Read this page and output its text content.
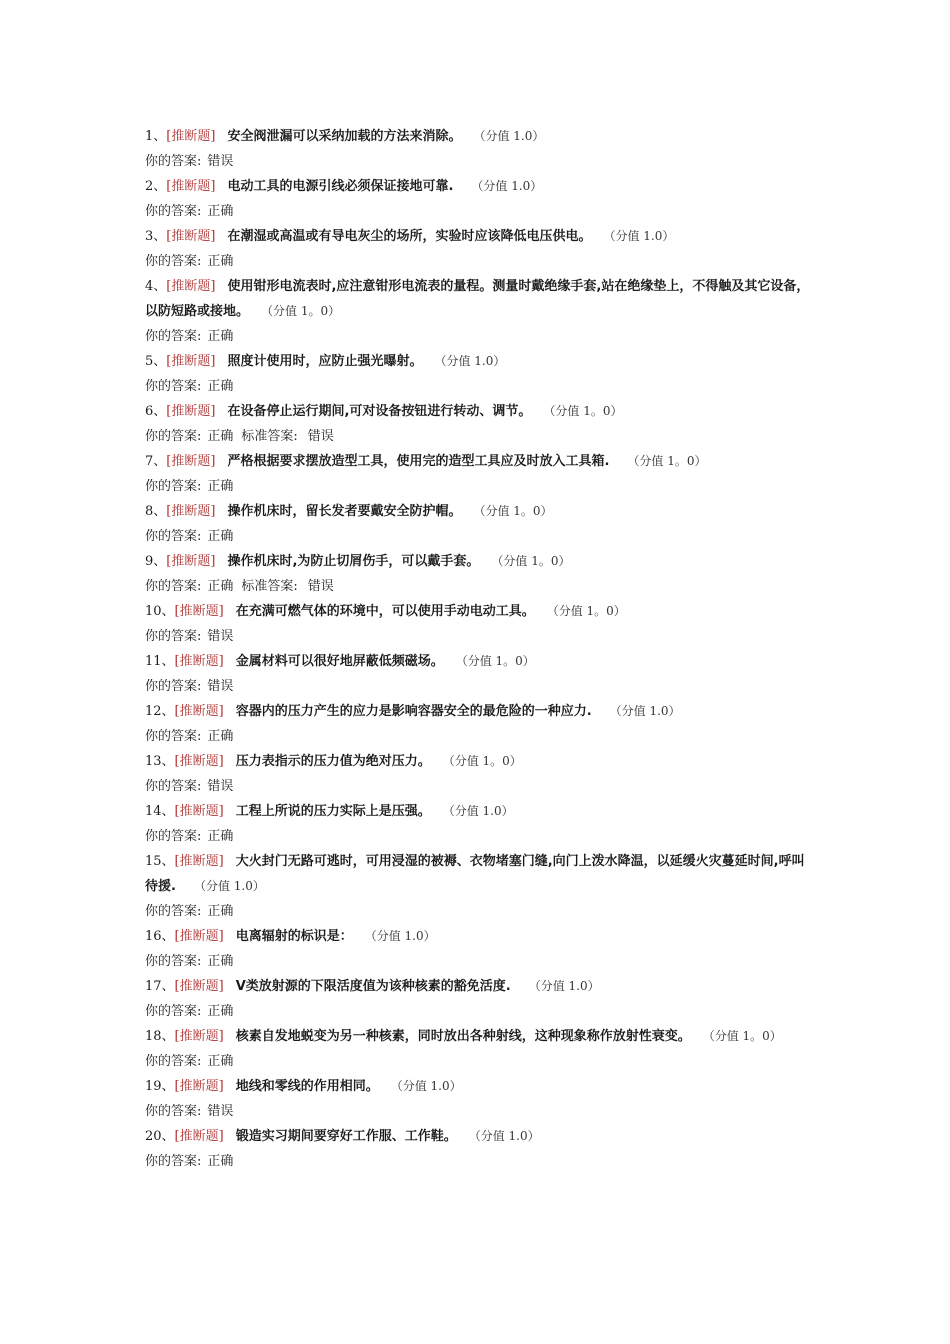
1、[推断题] 安全阀泄漏可以采纳加载的方法来消除。 （分值 1.0）

你的答案: 错误

2、[推断题] 电动工具的电源引线必须保证接地可靠. （分值 1.0）

你的答案: 正确

3、[推断题] 在潮湿或高温或有导电灰尘的场所，实验时应该降低电压供电。 （分值 1.0）

你的答案: 正确

4、[推断题] 使用钳形电流表时,应注意钳形电流表的量程。测量时戴绝缘手套,站在绝缘垫上，不得触及其它设备，以防短路或接地。 （分值 1。0）

你的答案: 正确

5、[推断题] 照度计使用时，应防止强光曝射。 （分值 1.0）

你的答案: 正确

6、[推断题] 在设备停止运行期间,可对设备按钮进行转动、调节。 （分值 1。0）

你的答案: 正确 标准答案: 错误

7、[推断题] 严格根据要求摆放造型工具，使用完的造型工具应及时放入工具箱. （分值 1。0）

你的答案: 正确

8、[推断题] 操作机床时，留长发者要戴安全防护帽。 （分值 1。0）

你的答案: 正确

9、[推断题] 操作机床时,为防止切屑伤手，可以戴手套。 （分值 1。0）

你的答案: 正确 标准答案: 错误

10、[推断题] 在充满可燃气体的环境中，可以使用手动电动工具。 （分值 1。0）

你的答案: 错误

11、[推断题] 金属材料可以很好地屏蔽低频磁场。 （分值 1。0）

你的答案: 错误

12、[推断题] 容器内的压力产生的应力是影响容器安全的最危险的一种应力. （分值 1.0）

你的答案: 正确

13、[推断题] 压力表指示的压力值为绝对压力。 （分值 1。0）

你的答案: 错误

14、[推断题] 工程上所说的压力实际上是压强。 （分值 1.0）

你的答案: 正确

15、[推断题] 大火封门无路可逃时，可用浸湿的被褥、衣物堵塞门缝,向门上泼水降温，以延缓火灾蔓延时间,呼叫待援. （分值 1.0）

你的答案: 正确

16、[推断题] 电离辐射的标识是： （分值 1.0）

你的答案: 正确

17、[推断题] V类放射源的下限活度值为该种核素的豁免活度. （分值 1.0）

你的答案: 正确

18、[推断题] 核素自发地蜕变为另一种核素，同时放出各种射线，这种现象称作放射性衰变。 （分值 1。0）

你的答案: 正确

19、[推断题] 地线和零线的作用相同。 （分值 1.0）

你的答案: 错误

20、[推断题] 锻造实习期间要穿好工作服、工作鞋。 （分值 1.0）

你的答案: 正确
